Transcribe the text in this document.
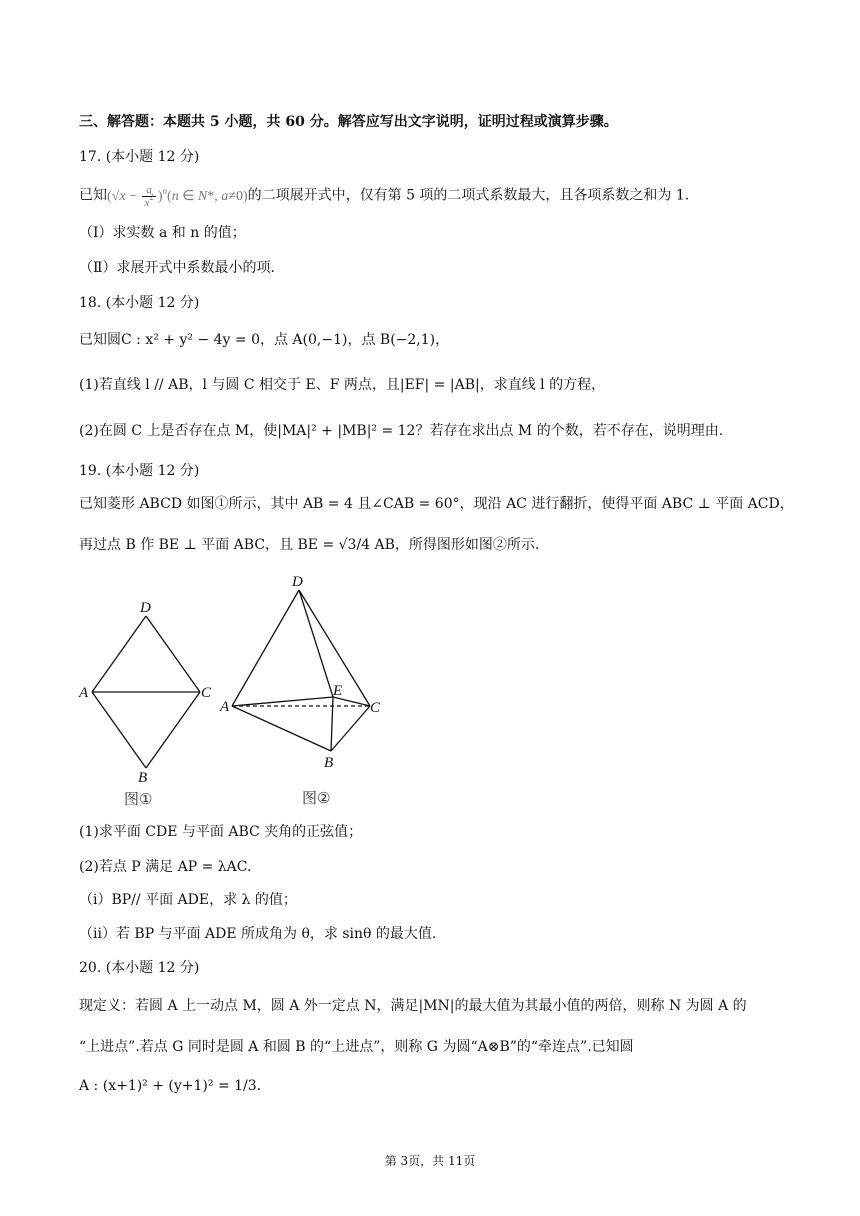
三、解答题：本题共 5 小题，共 60 分。解答应写出文字说明，证明过程或演算步骤。
17. (本小题 12 分)
已知$(√x - \frac{a}{x^2} )^n(n$ ∈ N*, a≠0)的二项展开式中，仅有第 5 项的二项式系数最大，且各项系数之和为 1.
（Ⅰ）求实数 a 和 n 的值；
（Ⅱ）求展开式中系数最小的项.
18. (本小题 12 分)
已知圆C : x² + y² − 4y = 0，点 A(0,−1)，点 B(−2,1)，
(1)若直线 l // AB，l 与圆 C 相交于 E、F 两点，且|EF| = |AB|，求直线 l 的方程，
(2)在圆 C 上是否存在点 M，使|MA|² + |MB|² = 12？若存在求出点 M 的个数，若不存在，说明理由.
19. (本小题 12 分)
已知菱形 ABCD 如图①所示，其中 AB = 4 且∠CAB = 60°，现沿 AC 进行翻折，使得平面 ABC ⊥ 平面 ACD，
再过点 B 作 BE ⊥ 平面 ABC，且 BE = √3/4 AB，所得图形如图②所示.
D
A	C
B
图①
D
A
E
C
B
图②
(1)求平面 CDE 与平面 ABC 夹角的正弦值；
(2)若点 P 满足 AP = λAC.
（i）BP// 平面 ADE，求 λ 的值；
（ii）若 BP 与平面 ADE 所成角为 θ，求 sinθ 的最大值.
20. (本小题 12 分)
现定义：若圆 A 上一动点 M，圆 A 外一定点 N，满足|MN|的最大值为其最小值的两倍，则称 N 为圆 A 的
“上进点”.若点 G 同时是圆 A 和圆 B 的“上进点”，则称 G 为圆“A⊗B”的“牵连点”.已知圆
A : (x+1)² + (y+1)² = 1/3.
第 3页，共 11页
